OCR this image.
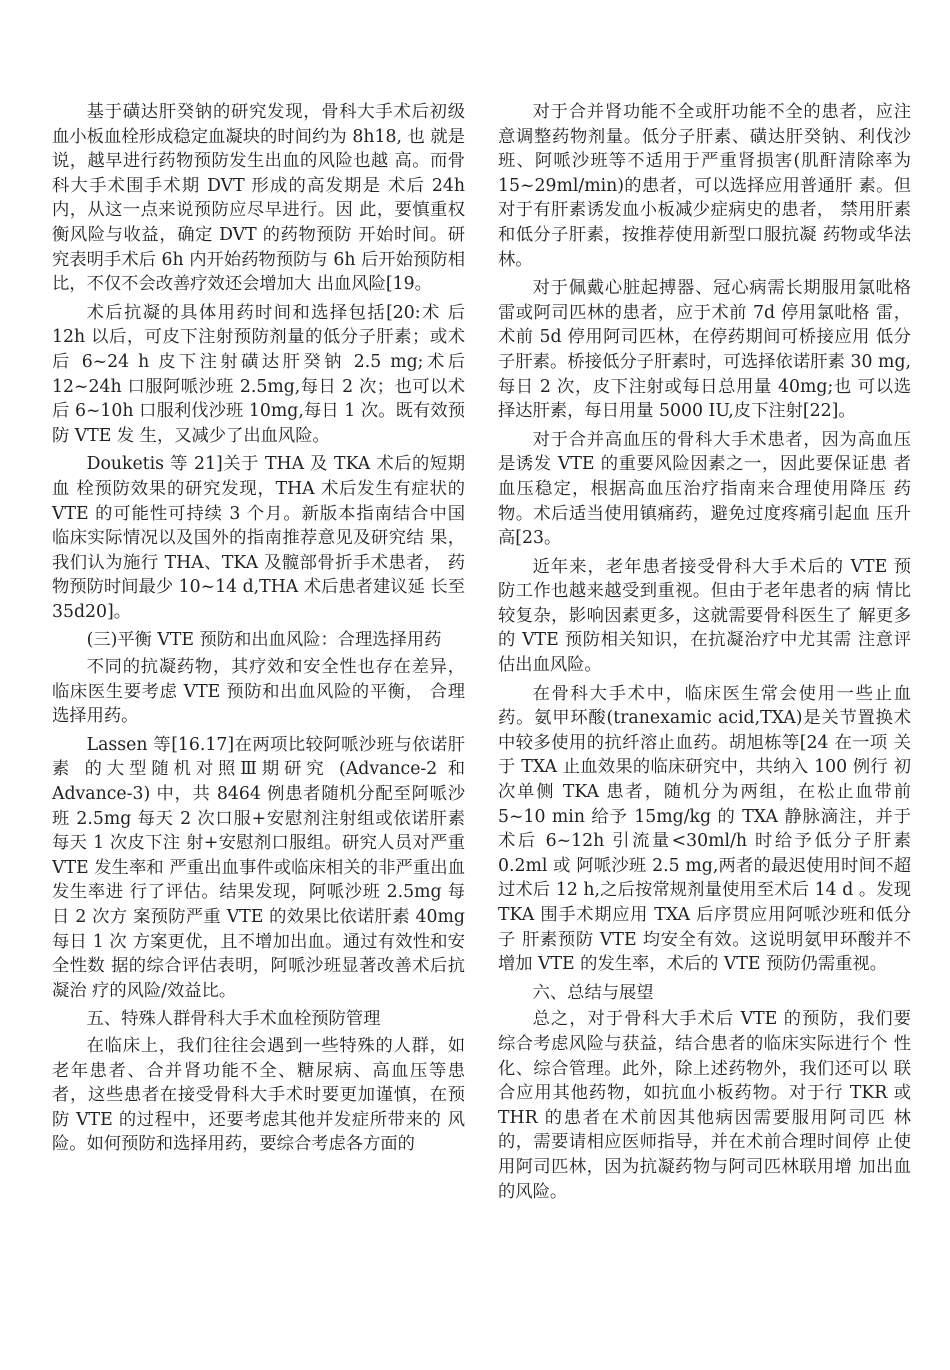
基于磺达肝癸钠的研究发现，骨科大手术后初级血小板血栓形成稳定血凝块的时间约为 8h18, 也 就是说，越早进行药物预防发生出血的风险也越 高。而骨科大手术围手术期 DVT 形成的高发期是 术后 24h 内，从这一点来说预防应尽早进行。因 此，要慎重权衡风险与收益，确定 DVT 的药物预防 开始时间。研究表明手术后 6h 内开始药物预防与 6h 后开始预防相比，不仅不会改善疗效还会增加大 出血风险[19。

术后抗凝的具体用药时间和选择包括[20:术 后 12h 以后，可皮下注射预防剂量的低分子肝素；或术 后 6~24 h 皮下注射磺达肝癸钠 2.5 mg;术后 12~24h 口服阿哌沙班 2.5mg,每日 2 次；也可以术后 6~10h 口服利伐沙班 10mg,每日 1 次。既有效预防 VTE 发 生，又减少了出血风险。

Douketis 等 21]关于 THA 及 TKA 术后的短期血 栓预防效果的研究发现，THA 术后发生有症状的 VTE 的可能性可持续 3 个月。新版本指南结合中国 临床实际情况以及国外的指南推荐意见及研究结 果，我们认为施行 THA、TKA 及髋部骨折手术患者， 药物预防时间最少 10~14 d,THA 术后患者建议延 长至 35d20]。

(三)平衡 VTE 预防和出血风险：合理选择用药

不同的抗凝药物，其疗效和安全性也存在差异，临床医生要考虑 VTE 预防和出血风险的平衡， 合理选择用药。

Lassen 等[16.17]在两项比较阿哌沙班与依诺肝素 的大型随机对照Ⅲ期研究 (Advance-2 和 Advance-3) 中，共 8464 例患者随机分配至阿哌沙班 2.5mg 每天 2 次口服+安慰剂注射组或依诺肝素每天 1 次皮下注 射+安慰剂口服组。研究人员对严重 VTE 发生率和 严重出血事件或临床相关的非严重出血发生率进 行了评估。结果发现，阿哌沙班 2.5mg 每日 2 次方 案预防严重 VTE 的效果比依诺肝素 40mg 每日 1 次 方案更优，且不增加出血。通过有效性和安全性数 据的综合评估表明，阿哌沙班显著改善术后抗凝治 疗的风险/效益比。

五、特殊人群骨科大手术血栓预防管理

在临床上，我们往往会遇到一些特殊的人群，如老年患者、合并肾功能不全、糖尿病、高血压等患者，这些患者在接受骨科大手术时要更加谨慎，在预防 VTE 的过程中，还要考虑其他并发症所带来的 风险。如何预防和选择用药，要综合考虑各方面的

对于合并肾功能不全或肝功能不全的患者，应注意调整药物剂量。低分子肝素、磺达肝癸钠、利伐沙班、阿哌沙班等不适用于严重肾损害(肌酐清除率为 15~29ml/min)的患者，可以选择应用普通肝 素。但对于有肝素诱发血小板减少症病史的患者， 禁用肝素和低分子肝素，按推荐使用新型口服抗凝 药物或华法林。

对于佩戴心脏起搏器、冠心病需长期服用氯吡格雷或阿司匹林的患者，应于术前 7d 停用氯吡格 雷，术前 5d 停用阿司匹林，在停药期间可桥接应用 低分子肝素。桥接低分子肝素时，可选择依诺肝素 30 mg,每日 2 次，皮下注射或每日总用量 40mg;也 可以选择达肝素，每日用量 5000 IU,皮下注射[22]。

对于合并高血压的骨科大手术患者，因为高血压是诱发 VTE 的重要风险因素之一，因此要保证患 者血压稳定，根据高血压治疗指南来合理使用降压 药物。术后适当使用镇痛药，避免过度疼痛引起血 压升高[23。

近年来，老年患者接受骨科大手术后的 VTE 预 防工作也越来越受到重视。但由于老年患者的病 情比较复杂，影响因素更多，这就需要骨科医生了 解更多的 VTE 预防相关知识，在抗凝治疗中尤其需 注意评估出血风险。

在骨科大手术中，临床医生常会使用一些止血药。氨甲环酸(tranexamic acid,TXA)是关节置换术中较多使用的抗纤溶止血药。胡旭栋等[24 在一项 关于 TXA 止血效果的临床研究中，共纳入 100 例行 初次单侧 TKA 患者，随机分为两组，在松止血带前 5~10 min 给予 15mg/kg 的 TXA 静脉滴注，并于术后 6~12h 引流量<30ml/h 时给予低分子肝素 0.2ml 或 阿哌沙班 2.5 mg,两者的最迟使用时间不超过术后 12 h,之后按常规剂量使用至术后 14 d 。发现 TKA 围手术期应用 TXA 后序贯应用阿哌沙班和低分子 肝素预防 VTE 均安全有效。这说明氨甲环酸并不 增加 VTE 的发生率，术后的 VTE 预防仍需重视。

六、总结与展望

总之，对于骨科大手术后 VTE 的预防，我们要 综合考虑风险与获益，结合患者的临床实际进行个 性化、综合管理。此外，除上述药物外，我们还可以 联合应用其他药物，如抗血小板药物。对于行 TKR 或 THR 的患者在术前因其他病因需要服用阿司匹 林的，需要请相应医师指导，并在术前合理时间停 止使用阿司匹林，因为抗凝药物与阿司匹林联用增 加出血的风险。
